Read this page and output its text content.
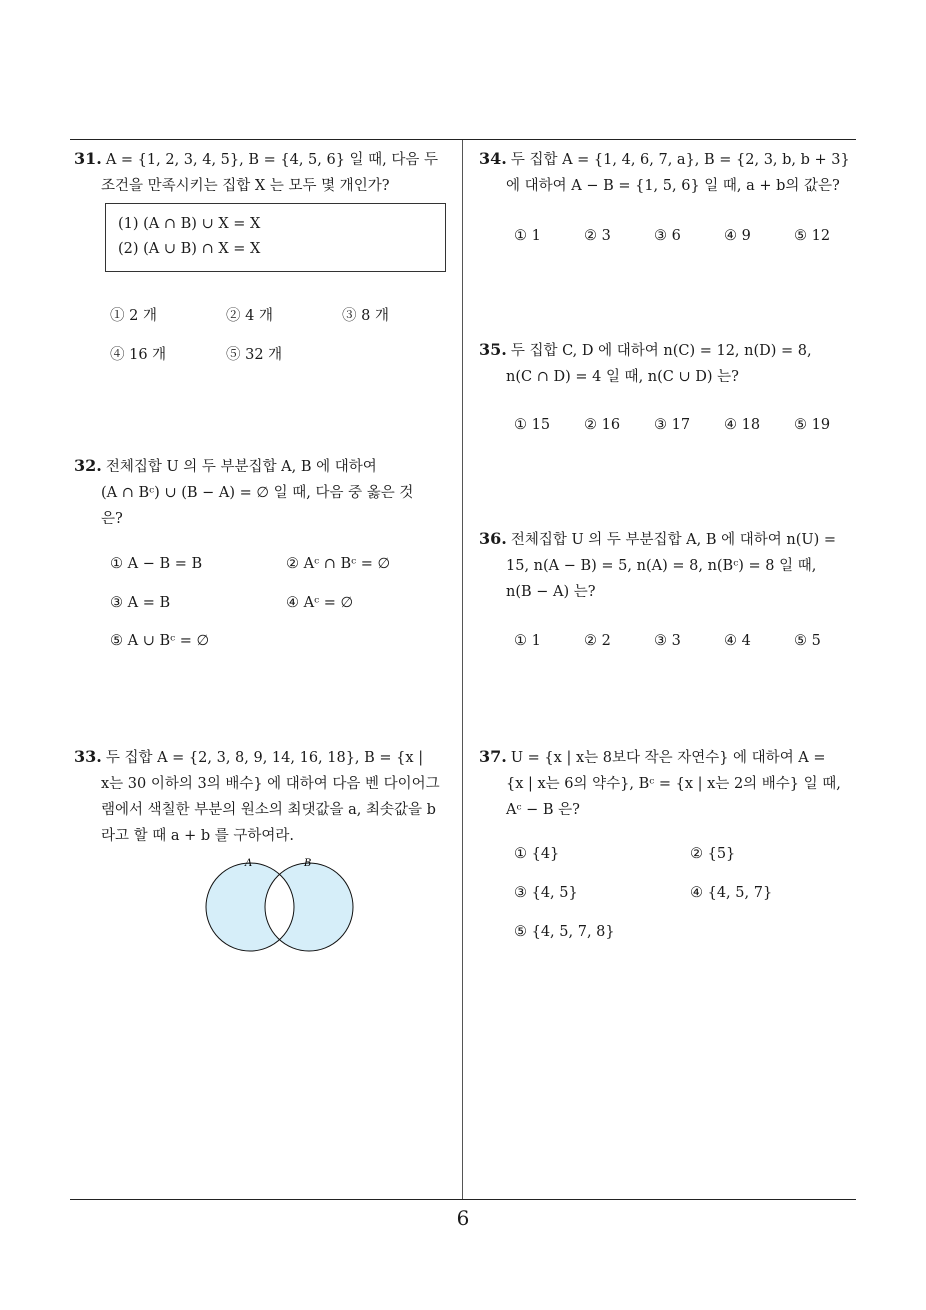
31. A = {1, 2, 3, 4, 5}, B = {4, 5, 6} 일 때, 다음 두
조건을 만족시키는 집합 X 는 모두 몇 개인가?
(1) (A ∩ B) ∪ X = X
(2) (A ∪ B) ∩ X = X
① 2 개	② 4 개	③ 8 개
④ 16 개	⑤ 32 개
32. 전체집합 U 의 두 부분집합 A, B 에 대하여
(A ∩ Bᶜ) ∪ (B − A) = ∅ 일 때, 다음 중 옳은 것
은?
① A − B = B	② Aᶜ ∩ Bᶜ = ∅
③ A = B	④ Aᶜ = ∅
⑤ A ∪ Bᶜ = ∅
33. 두 집합 A = {2, 3, 8, 9, 14, 16, 18}, B = {x |
x는 30 이하의 3의 배수} 에 대하여 다음 벤 다이어그
램에서 색칠한 부분의 원소의 최댓값을 a, 최솟값을 b
라고 할 때 a + b 를 구하여라.
A	B
34. 두 집합 A = {1, 4, 6, 7, a}, B = {2, 3, b, b + 3}
에 대하여 A − B = {1, 5, 6} 일 때, a + b의 값은?
① 1	② 3	③ 6	④ 9	⑤ 12
35. 두 집합 C, D 에 대하여 n(C) = 12, n(D) = 8,
n(C ∩ D) = 4 일 때, n(C ∪ D) 는?
① 15 ② 16 ③ 17 ④ 18 ⑤ 19
36. 전체집합 U 의 두 부분집합 A, B 에 대하여 n(U) =
15, n(A − B) = 5, n(A) = 8, n(Bᶜ) = 8 일 때,
n(B − A) 는?
① 1	② 2	③ 3	④ 4	⑤ 5
37. U = {x | x는 8보다 작은 자연수} 에 대하여 A =
{x | x는 6의 약수}, Bᶜ = {x | x는 2의 배수} 일 때,
Aᶜ − B 은?
① {4}	② {5}
③ {4, 5}	④ {4, 5, 7}
⑤ {4, 5, 7, 8}
6
